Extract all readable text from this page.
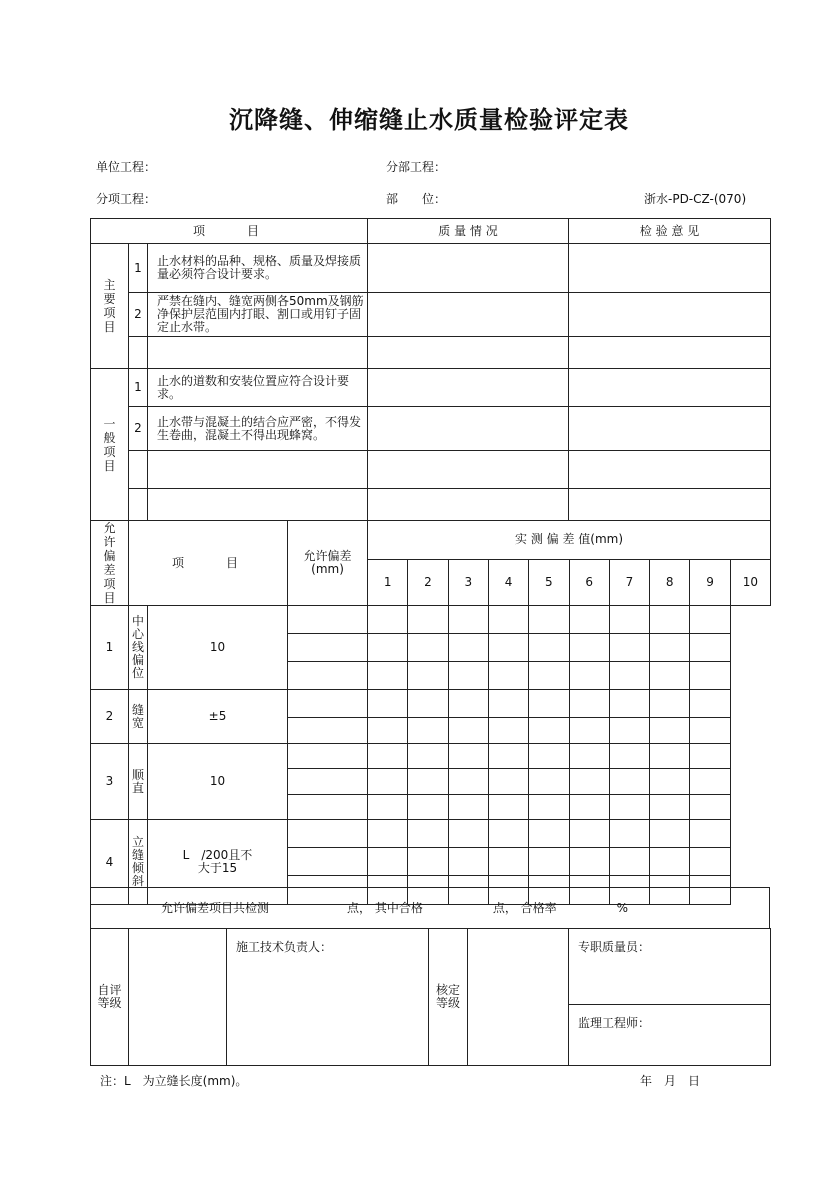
沉降缝、伸缩缝止水质量检验评定表
单位工程：	分部工程：
分项工程：	部　　位：	浙水-PD-CZ-(070)
项　　目			质 量 情 况	检 验 意 见

主要项目	1	止水材料的品种、规格、质量及焊接质量必须符合设计要求。		
	2	严禁在缝内、缝宽两侧各50mm及钢筋净保护层范围内打眼、割口或用钉子固定止水带。		

一般项目	1	止水的道数和安装位置应符合设计要求。		
	2	止水带与混凝土的结合应严密，不得发生卷曲，混凝土不得出现蜂窝。		

允许偏差项目	项　　目		允许偏差(mm)	实 测 偏 差 值(mm)									
				1	2	3	4	5	6	7	8	9	10

1	中心线偏位	10											

2	缝　宽	±5											

3	顺　直	10											

4	立缝倾斜	L　/200且不大于15											

允许偏差项目共检测	点， 其中合格	点， 合格率	%
自评等级
		施工技术负责人：	
核定等级
		专职质量员：
监理工程师：
注：L　为立缝长度(mm)。	年　月　日
